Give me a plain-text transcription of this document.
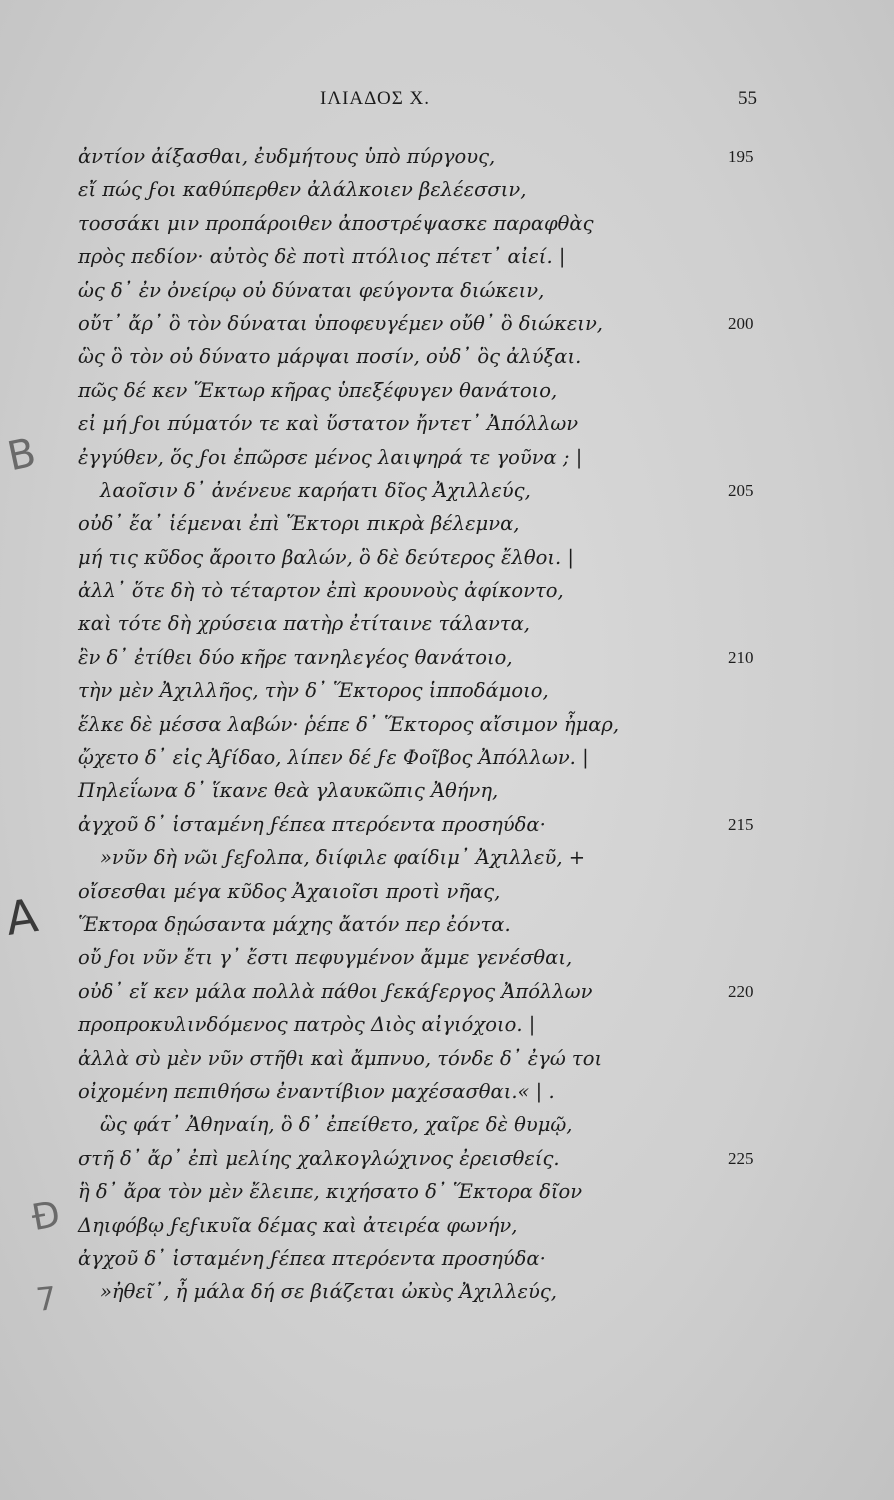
ΙΛΙΑΔΟΣ Χ.	55
ἀντίον ἀίξασθαι, ἐυδμήτους ὑπὸ πύργους,	195
εἴ πώς ϝοι καθύπερθεν ἀλάλκοιεν βελέεσσιν,
τοσσάκι μιν προπάροιθεν ἀποστρέψασκε παραφθὰς
πρὸς πεδίον· αὐτὸς δὲ ποτὶ πτόλιος πέτετ᾽ αἰεί. |
ὡς δ᾽ ἐν ὀνείρῳ οὐ δύναται φεύγοντα διώκειν,
οὔτ᾽ ἄρ᾽ ὃ τὸν δύναται ὑποφευγέμεν οὔθ᾽ ὃ διώκειν,	200
ὣς ὃ τὸν οὐ δύνατο μάρψαι ποσίν, οὐδ᾽ ὃς ἀλύξαι.
πῶς δέ κεν Ἕκτωρ κῆρας ὑπεξέφυγεν θανάτοιο,
εἰ μή ϝοι πύματόν τε καὶ ὕστατον ἤντετ᾽ Ἀπόλλων
ἐγγύθεν, ὅς ϝοι ἐπῶρσε μένος λαιψηρά τε γοῦνα ; |
λαοῖσιν δ᾽ ἀνένευε καρήατι δῖος Ἀχιλλεύς,	205
οὐδ᾽ ἔα᾽ ἱέμεναι ἐπὶ Ἕκτορι πικρὰ βέλεμνα,
μή τις κῦδος ἄροιτο βαλών, ὃ δὲ δεύτερος ἔλθοι. |
ἀλλ᾽ ὅτε δὴ τὸ τέταρτον ἐπὶ κρουνοὺς ἀφίκοντο,
καὶ τότε δὴ χρύσεια πατὴρ ἐτίταινε τάλαντα,
ἒν δ᾽ ἐτίθει δύο κῆρε τανηλεγέος θανάτοιο,	210
τὴν μὲν Ἀχιλλῆος, τὴν δ᾽ Ἕκτορος ἱπποδάμοιο,
ἕλκε δὲ μέσσα λαβών· ῥέπε δ᾽ Ἕκτορος αἴσιμον ἦμαρ,
ᾤχετο δ᾽ εἰς Ἀϝίδαο, λίπεν δέ ϝε Φοῖβος Ἀπόλλων. |
Πηλεΐωνα δ᾽ ἵκανε θεὰ γλαυκῶπις Ἀθήνη,
ἀγχοῦ δ᾽ ἱσταμένη ϝέπεα πτερόεντα προσηύδα·	215
»νῦν δὴ νῶι ϝεϝολπα, διίφιλε φαίδιμ᾽ Ἀχιλλεῦ, +
οἴσεσθαι μέγα κῦδος Ἀχαιοῖσι προτὶ νῆας,
Ἕκτορα δῃώσαντα μάχης ἄατόν περ ἐόντα.
οὔ ϝοι νῦν ἔτι γ᾽ ἔστι πεφυγμένον ἄμμε γενέσθαι,
οὐδ᾽ εἴ κεν μάλα πολλὰ πάθοι ϝεκάϝεργος Ἀπόλλων	220
προπροκυλινδόμενος πατρὸς Διὸς αἰγιόχοιο. |
ἀλλὰ σὺ μὲν νῦν στῆθι καὶ ἄμπνυο, τόνδε δ᾽ ἐγώ τοι
οἰχομένη πεπιθήσω ἐναντίβιον μαχέσασθαι.« | .
ὣς φάτ᾽ Ἀθηναίη, ὃ δ᾽ ἐπείθετο, χαῖρε δὲ θυμῷ,
στῆ δ᾽ ἄρ᾽ ἐπὶ μελίης χαλκογλώχινος ἐρεισθείς.	225
ἣ δ᾽ ἄρα τὸν μὲν ἔλειπε, κιχήσατο δ᾽ Ἕκτορα δῖον
Δηιφόβῳ ϝεϝικυῖα δέμας καὶ ἀτειρέα φωνήν,
ἀγχοῦ δ᾽ ἱσταμένη ϝέπεα πτερόεντα προσηύδα·
»ἠθεῖ᾽, ἦ μάλα δή σε βιάζεται ὠκὺς Ἀχιλλεύς,
B
A
Ð
7
